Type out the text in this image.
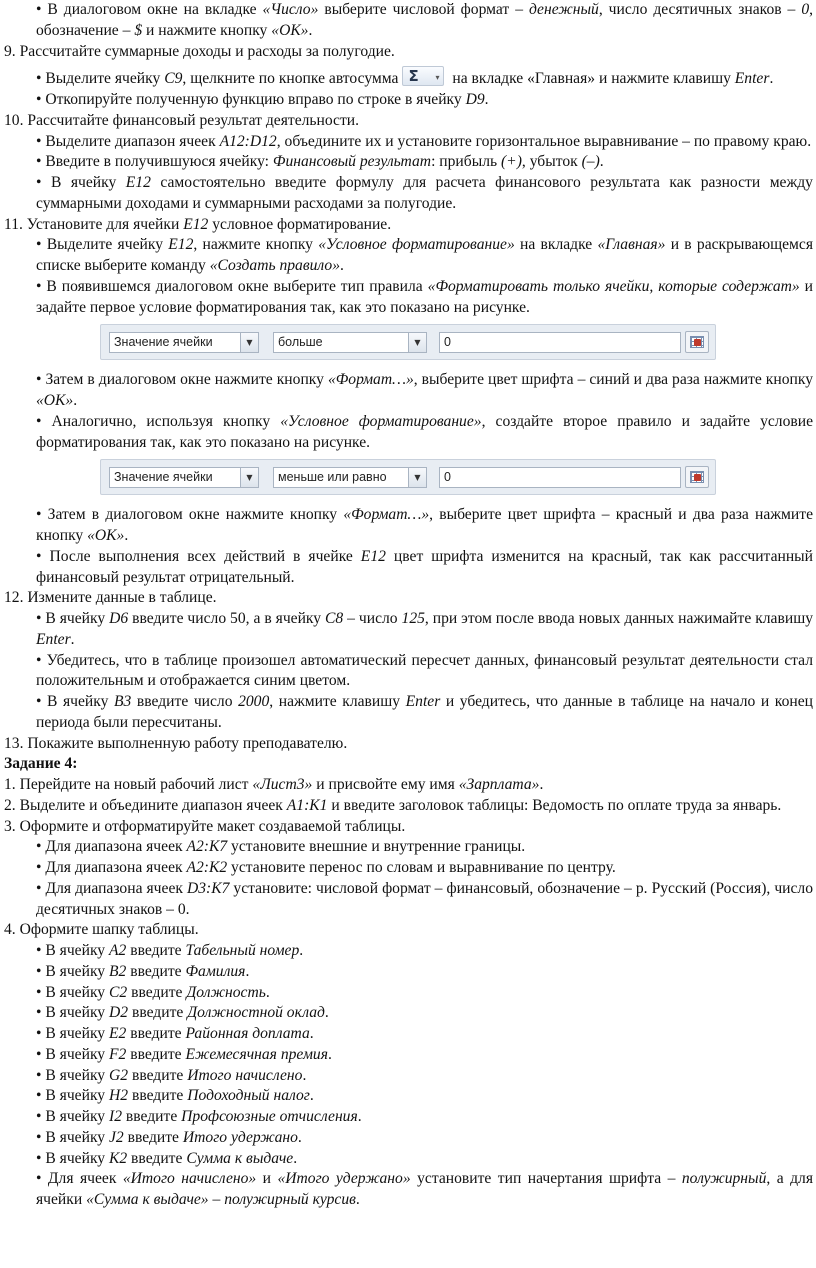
• В диалоговом окне на вкладке «Число» выберите числовой формат – денежный, число десятичных знаков – 0, обозначение – $ и нажмите кнопку «ОК».

9. Рассчитайте суммарные доходы и расходы за полугодие.

• Выделите ячейку С9, щелкните по кнопке автосумма Σ ▾ на вкладке «Главная» и нажмите клавишу Enter.

• Откопируйте полученную функцию вправо по строке в ячейку D9.

10. Рассчитайте финансовый результат деятельности.

• Выделите диапазон ячеек А12:D12, объедините их и установите горизонтальное выравнивание – по правому краю.

• Введите в получившуюся ячейку: Финансовый результат: прибыль (+), убыток (–).

• В ячейку Е12 самостоятельно введите формулу для расчета финансового результата как разности между суммарными доходами и суммарными расходами за полугодие.

11. Установите для ячейки Е12 условное форматирование.

• Выделите ячейку Е12, нажмите кнопку «Условное форматирование» на вкладке «Главная» и в раскрывающемся списке выберите команду «Создать правило».

• В появившемся диалоговом окне выберите тип правила «Форматировать только ячейки, которые содержат» и задайте первое условие форматирования так, как это показано на рисунке.

Значение ячейки	▼	больше	▼	0

• Затем в диалоговом окне нажмите кнопку «Формат…», выберите цвет шрифта – синий и два раза нажмите кнопку «ОК».

• Аналогично, используя кнопку «Условное форматирование», создайте второе правило и задайте условие форматирования так, как это показано на рисунке.

Значение ячейки	▼	меньше или равно	▼	0

• Затем в диалоговом окне нажмите кнопку «Формат…», выберите цвет шрифта – красный и два раза нажмите кнопку «ОК».

• После выполнения всех действий в ячейке Е12 цвет шрифта изменится на красный, так как рассчитанный финансовый результат отрицательный.

12. Измените данные в таблице.

• В ячейку D6 введите число 50, а в ячейку С8 – число 125, при этом после ввода новых данных нажимайте клавишу Enter.

• Убедитесь, что в таблице произошел автоматический пересчет данных, финансовый результат деятельности стал положительным и отображается синим цветом.

• В ячейку В3 введите число 2000, нажмите клавишу Enter и убедитесь, что данные в таблице на начало и конец периода были пересчитаны.

13. Покажите выполненную работу преподавателю.

Задание 4:

1. Перейдите на новый рабочий лист «Лист3» и присвойте ему имя «Зарплата».

2. Выделите и объедините диапазон ячеек А1:К1 и введите заголовок таблицы: Ведомость по оплате труда за январь.

3. Оформите и отформатируйте макет создаваемой таблицы.

• Для диапазона ячеек А2:К7 установите внешние и внутренние границы.

• Для диапазона ячеек А2:К2 установите перенос по словам и выравнивание по центру.

• Для диапазона ячеек D3:К7 установите: числовой формат – финансовый, обозначение – р. Русский (Россия), число десятичных знаков – 0.

4. Оформите шапку таблицы.

• В ячейку А2 введите Табельный номер.

• В ячейку В2 введите Фамилия.

• В ячейку С2 введите Должность.

• В ячейку D2 введите Должностной оклад.

• В ячейку Е2 введите Районная доплата.

• В ячейку F2 введите Ежемесячная премия.

• В ячейку G2 введите Итого начислено.

• В ячейку Н2 введите Подоходный налог.

• В ячейку I2 введите Профсоюзные отчисления.

• В ячейку J2 введите Итого удержано.

• В ячейку К2 введите Сумма к выдаче.

• Для ячеек «Итого начислено» и «Итого удержано» установите тип начертания шрифта – полужирный, а для ячейки «Сумма к выдаче» – полужирный курсив.
